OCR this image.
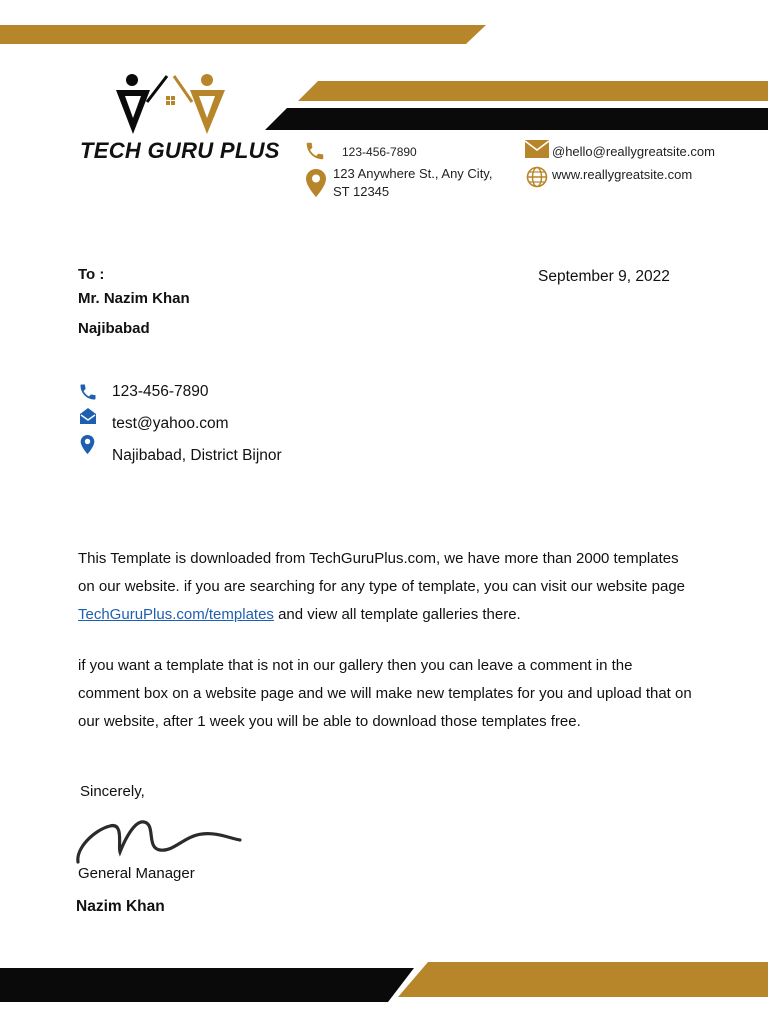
TECH GURU PLUS	123-456-7890
123 Anywhere St., Any City,
ST 12345
@hello@reallygreatsite.com
www.reallygreatsite.com
To :
Mr. Nazim Khan
Najibabad
September 9, 2022
123-456-7890
test@yahoo.com
Najibabad, District Bijnor
This Template is downloaded from TechGuruPlus.com, we have more than 2000 templates on our website. if you are searching for any type of template, you can visit our website page TechGuruPlus.com/templates and view all template galleries there.
if you want a template that is not in our gallery then you can leave a comment in the comment box on a website page and we will make new templates for you and upload that on our website, after 1 week you will be able to download those templates free.
Sincerely,
General Manager
Nazim Khan
